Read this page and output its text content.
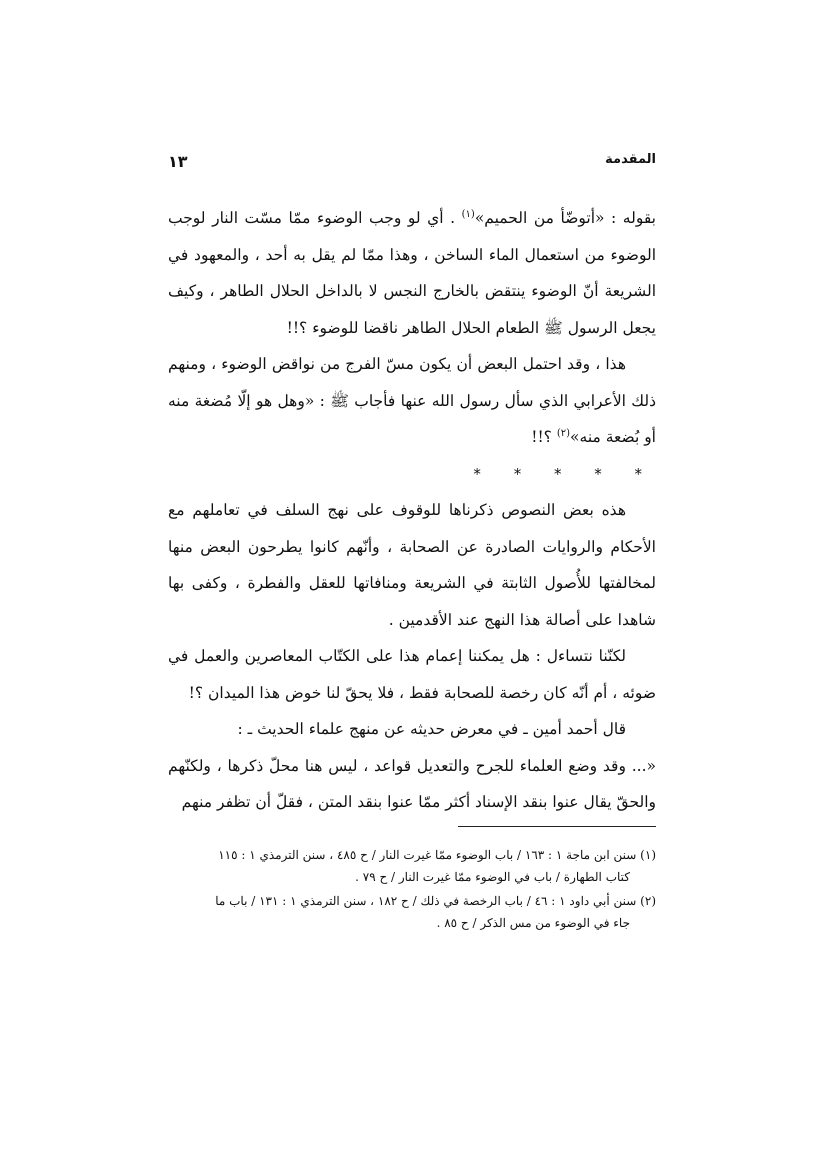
المقدمة
١٣

بقوله : «أتوضّأ من الحميم»$^{(١)}$ . أي لو وجب الوضوء ممّا مسّت النار لوجب الوضوء من استعمال الماء الساخن ، وهذا ممّا لم يقل به أحد ، والمعهود في الشريعة أنّ الوضوء ينتقض بالخارج النجس لا بالداخل الحلال الطاهر ، وكيف يجعل الرسول ﷺ الطعام الحلال الطاهر ناقضا للوضوء ؟!!

هذا ، وقد احتمل البعض أن يكون مسّ الفرج من نواقض الوضوء ، ومنهم ذلك الأعرابي الذي سأل رسول الله عنها فأجاب ﷺ : «وهل هو إلّا مُضغة منه أو بُضعة منه»$^{(٢)}$ ؟!!

* * * * *

هذه بعض النصوص ذكرناها للوقوف على نهج السلف في تعاملهم مع الأحكام والروايات الصادرة عن الصحابة ، وأنّهم كانوا يطرحون البعض منها لمخالفتها للأُصول الثابتة في الشريعة ومنافاتها للعقل والفطرة ، وكفى بها شاهدا على أصالة هذا النهج عند الأقدمين .

لكنّنا نتساءل : هل يمكننا إعمام هذا على الكتّاب المعاصرين والعمل في ضوئه ، أم أنّه كان رخصة للصحابة فقط ، فلا يحقّ لنا خوض هذا الميدان ؟!

قال أحمد أمين ـ في معرض حديثه عن منهج علماء الحديث ـ :

«... وقد وضع العلماء للجرح والتعديل قواعد ، ليس هنا محلّ ذكرها ، ولكنّهم والحقّ يقال عنوا بنقد الإسناد أكثر ممّا عنوا بنقد المتن ، فقلّ أن تظفر منهم

(١) سنن ابن ماجة ١ : ١٦٣ / باب الوضوء ممّا غيرت النار / ح ٤٨٥ ، سنن الترمذي ١ : ١١٥
كتاب الطهارة / باب في الوضوء ممّا غيرت النار / ح ٧٩ .
(٢) سنن أبي داود ١ : ٤٦ / باب الرخصة في ذلك / ح ١٨٢ ، سنن الترمذي ١ : ١٣١ / باب ما
جاء في الوضوء من مس الذكر / ح ٨٥ .
